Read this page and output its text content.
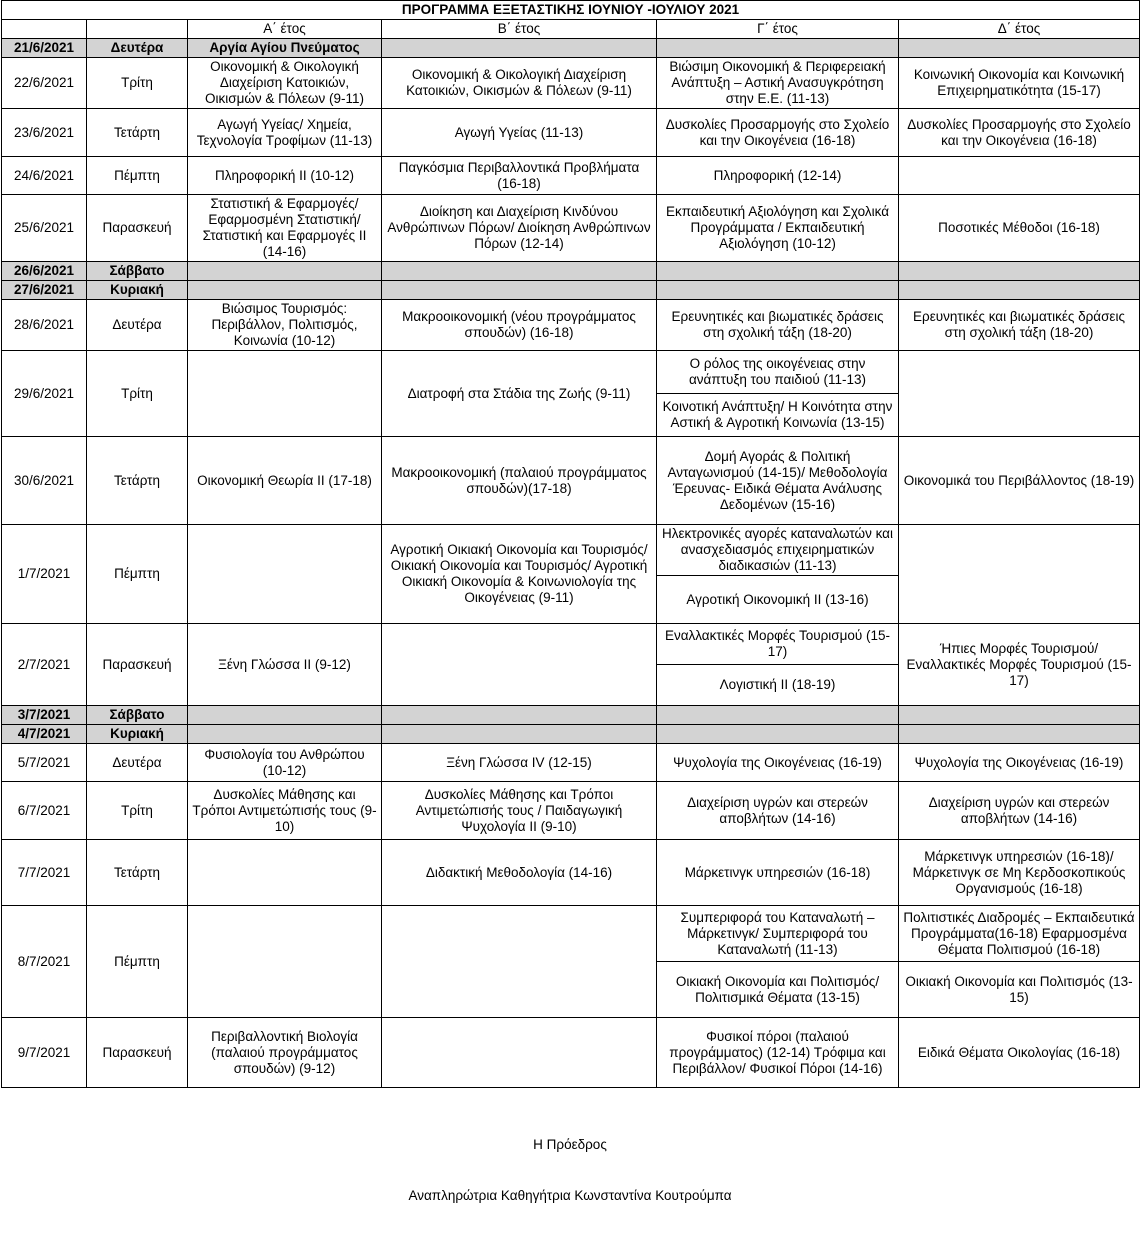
ΠΡΟΓΡΑΜΜΑ ΕΞΕΤΑΣΤΙΚΗΣ ΙΟΥΝΙΟΥ -ΙΟΥΛΙΟΥ 2021					
		Α΄ έτος	Β΄ έτος	Γ΄ έτος	Δ΄ έτος
21/6/2021	Δευτέρα	Αργία Αγίου Πνεύματος			
22/6/2021	Τρίτη	Οικονομική & Οικολογική Διαχείριση Κατοικιών, Οικισμών & Πόλεων (9-11)	Οικονομική & Οικολογική Διαχείριση Κατοικιών, Οικισμών & Πόλεων (9-11)	Βιώσιμη Οικονομική & Περιφερειακή Ανάπτυξη – Αστική Ανασυγκρότηση στην Ε.Ε. (11-13)	Κοινωνική Οικονομία και Κοινωνική Επιχειρηματικότητα (15-17)
23/6/2021	Τετάρτη	Αγωγή Υγείας/ Χημεία, Τεχνολογία Τροφίμων (11-13)	Αγωγή Υγείας (11-13)	Δυσκολίες Προσαρμογής στο Σχολείο και την Οικογένεια (16-18)	Δυσκολίες Προσαρμογής στο Σχολείο και την Οικογένεια (16-18)
24/6/2021	Πέμπτη	Πληροφορική ΙΙ (10-12)	Παγκόσμια Περιβαλλοντικά Προβλήματα (16-18)	Πληροφορική (12-14)	
25/6/2021	Παρασκευή	Στατιστική & Εφαρμογές/ Εφαρμοσμένη Στατιστική/ Στατιστική και Εφαρμογές ΙΙ (14-16)	Διοίκηση και Διαχείριση Κινδύνου Ανθρώπινων Πόρων/ Διοίκηση Ανθρώπινων Πόρων (12-14)	Εκπαιδευτική Αξιολόγηση και Σχολικά Προγράμματα / Εκπαιδευτική Αξιολόγηση (10-12)	Ποσοτικές Μέθοδοι (16-18)
26/6/2021	Σάββατο				
27/6/2021	Κυριακή				
28/6/2021	Δευτέρα	Βιώσιμος Τουρισμός: Περιβάλλον, Πολιτισμός, Κοινωνία (10-12)	Μακροοικονομική (νέου προγράμματος σπουδών) (16-18)	Ερευνητικές και βιωματικές δράσεις στη σχολική τάξη (18-20)	Ερευνητικές και βιωματικές δράσεις στη σχολική τάξη (18-20)
29/6/2021	Τρίτη		Διατροφή στα Στάδια της Ζωής (9-11)	Ο ρόλος της οικογένειας στην ανάπτυξη του παιδιού (11-13)	
				Κοινοτική Ανάπτυξη/ Η Κοινότητα στην Αστική & Αγροτική Κοινωνία (13-15)	
30/6/2021	Τετάρτη	Οικονομική Θεωρία ΙΙ (17-18)	Μακροοικονομική (παλαιού προγράμματος σπουδών)(17-18)	Δομή Αγοράς & Πολιτική Ανταγωνισμού (14-15)/ Μεθοδολογία Έρευνας- Ειδικά Θέματα Ανάλυσης Δεδομένων (15-16)	Οικονομικά του Περιβάλλοντος (18-19)
1/7/2021	Πέμπτη		Αγροτική Οικιακή Οικονομία και Τουρισμός/ Οικιακή Οικονομία και Τουρισμός/ Αγροτική Οικιακή Οικονομία & Κοινωνιολογία της Οικογένειας (9-11)	Ηλεκτρονικές αγορές καταναλωτών και ανασχεδιασμός επιχειρηματικών διαδικασιών (11-13)	
				Αγροτική Οικονομική ΙΙ (13-16)	
2/7/2021	Παρασκευή	Ξένη Γλώσσα ΙΙ (9-12)		Εναλλακτικές Μορφές Τουρισμού (15-17)	Ήπιες Μορφές Τουρισμού/Εναλλακτικές Μορφές Τουρισμού (15-17)
				Λογιστική ΙΙ (18-19)	
3/7/2021	Σάββατο				
4/7/2021	Κυριακή				
5/7/2021	Δευτέρα	Φυσιολογία του Ανθρώπου (10-12)	Ξένη Γλώσσα IV (12-15)	Ψυχολογία της Οικογένειας (16-19)	Ψυχολογία της Οικογένειας (16-19)
6/7/2021	Τρίτη	Δυσκολίες Μάθησης και Τρόποι Αντιμετώπισής τους (9-10)	Δυσκολίες Μάθησης και Τρόποι Αντιμετώπισής τους / Παιδαγωγική Ψυχολογία ΙΙ (9-10)	Διαχείριση υγρών και στερεών αποβλήτων (14-16)	Διαχείριση υγρών και στερεών αποβλήτων (14-16)
7/7/2021	Τετάρτη		Διδακτική Μεθοδολογία (14-16)	Μάρκετινγκ υπηρεσιών (16-18)	Μάρκετινγκ υπηρεσιών (16-18)/ Μάρκετινγκ σε Μη Κερδοσκοπικούς Οργανισμούς (16-18)
8/7/2021	Πέμπτη			Συμπεριφορά του Καταναλωτή – Μάρκετινγκ/ Συμπεριφορά του Καταναλωτή (11-13)	Πολιτιστικές Διαδρομές – Εκπαιδευτικά Προγράμματα(16-18) Εφαρμοσμένα Θέματα Πολιτισμού (16-18)
				Οικιακή Οικονομία και Πολιτισμός/ Πολιτισμικά Θέματα (13-15)	Οικιακή Οικονομία και Πολιτισμός (13-15)
9/7/2021	Παρασκευή	Περιβαλλοντική Βιολογία (παλαιού προγράμματος σπουδών) (9-12)		Φυσικοί πόροι (παλαιού προγράμματος) (12-14) Τρόφιμα και Περιβάλλον/ Φυσικοί Πόροι (14-16)	Ειδικά Θέματα Οικολογίας (16-18)
Η Πρόεδρος
Αναπληρώτρια Καθηγήτρια Κωνσταντίνα Κουτρούμπα
